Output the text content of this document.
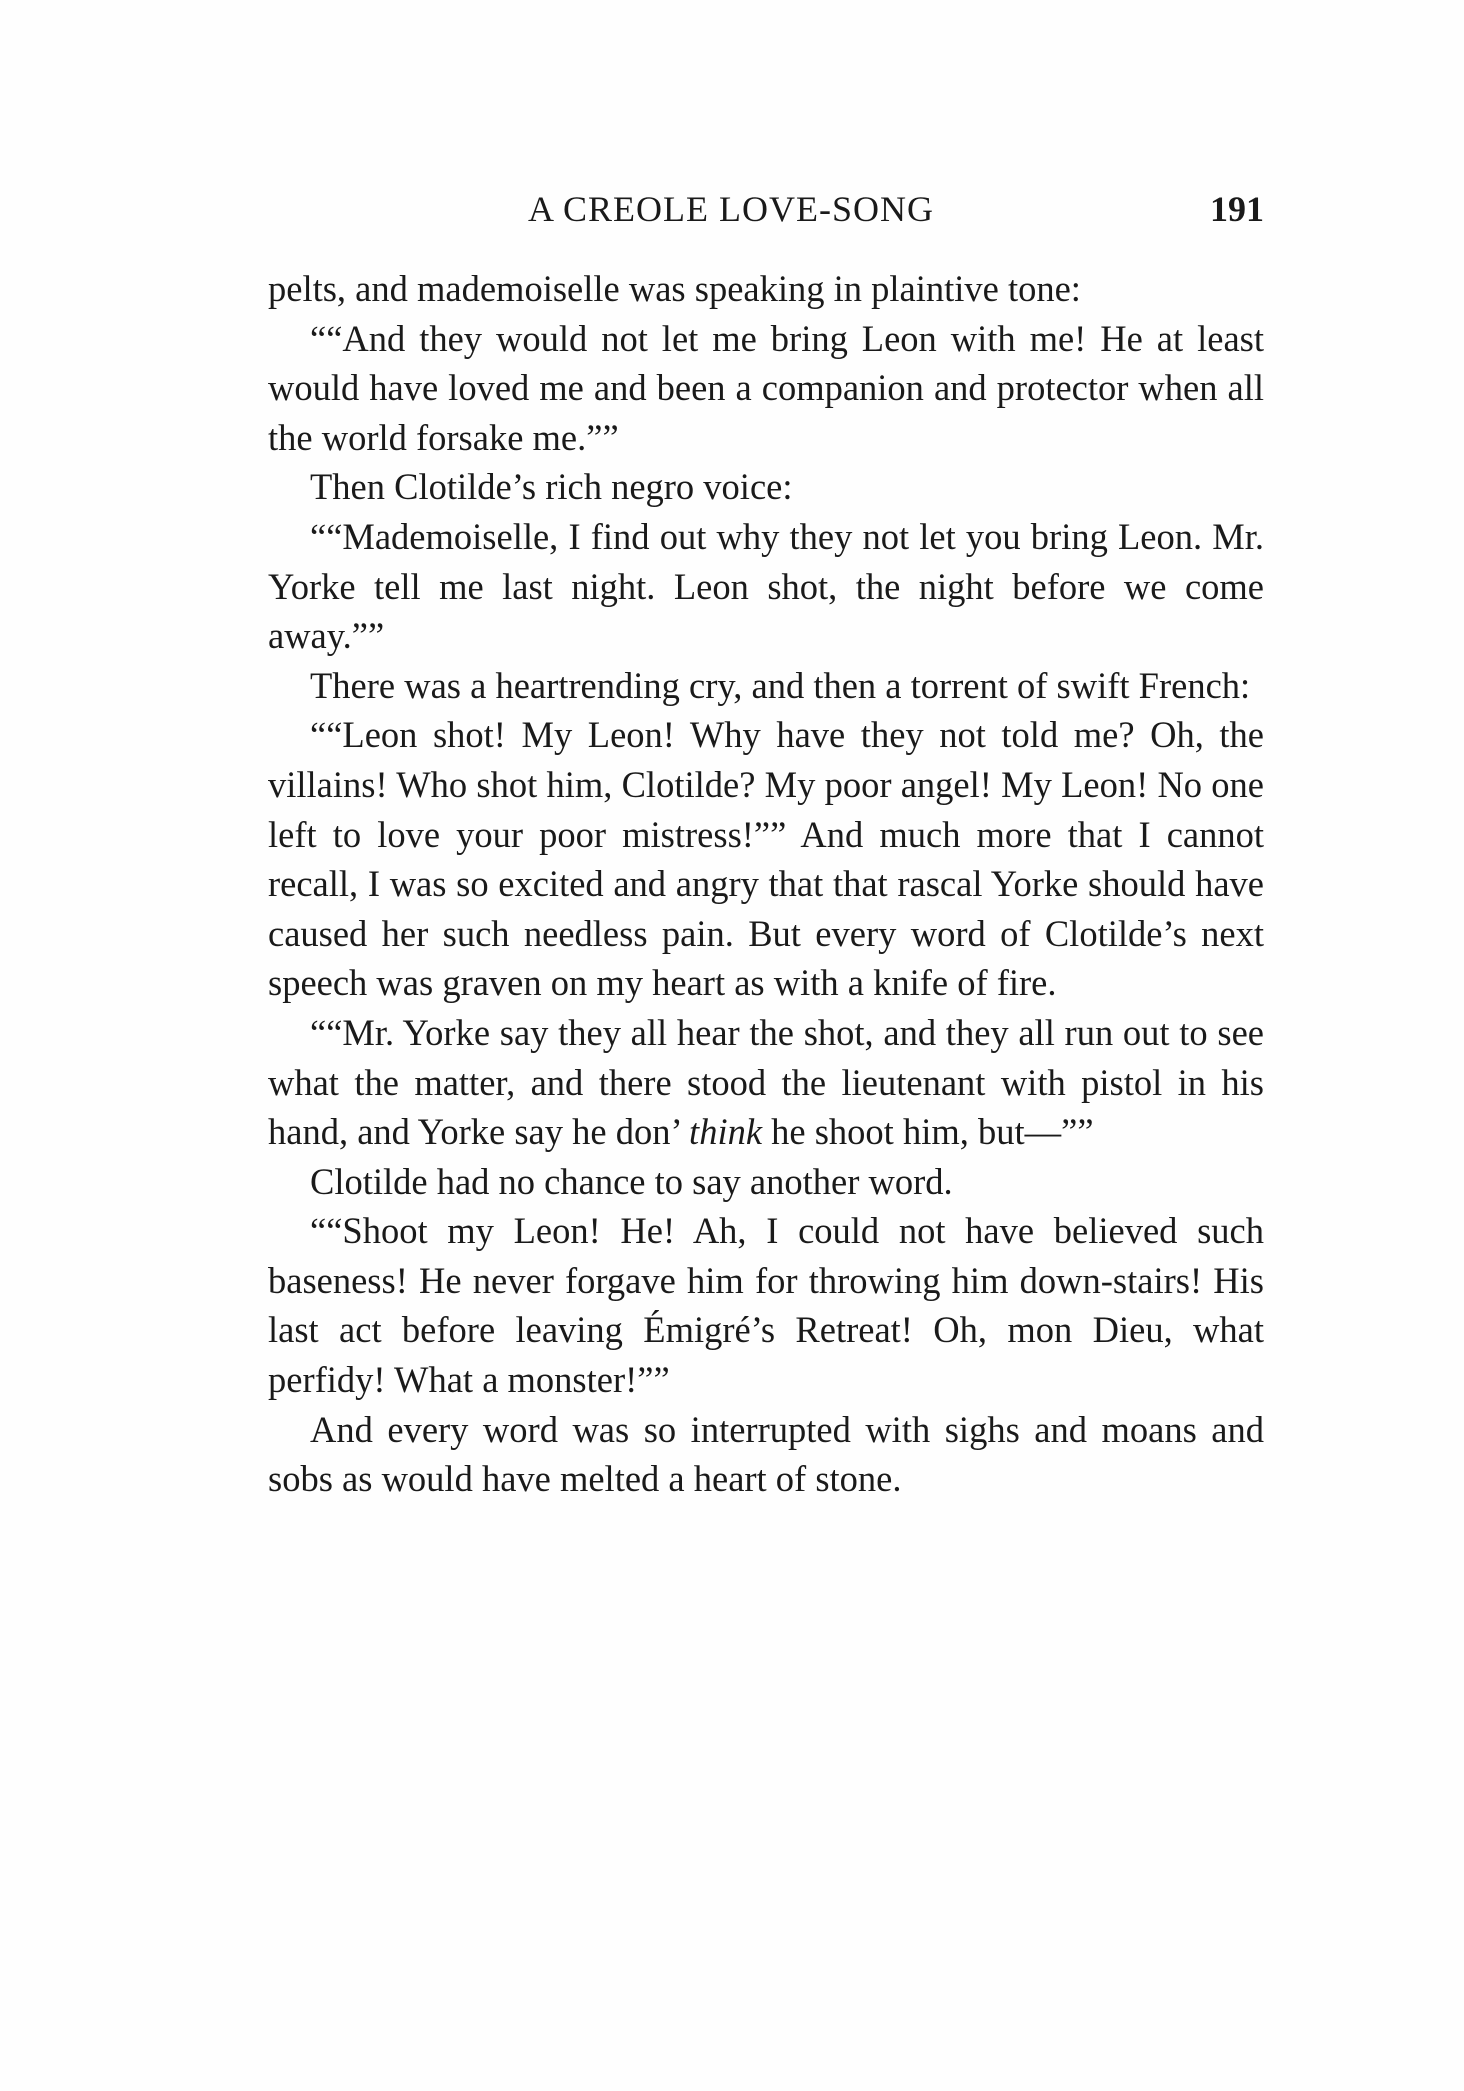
A CREOLE LOVE-SONG	191

pelts, and mademoiselle was speaking in plaintive tone:

““And they would not let me bring Leon with me! He at least would have loved me and been a companion and protector when all the world forsake me.””

Then Clotilde’s rich negro voice:

““Mademoiselle, I find out why they not let you bring Leon. Mr. Yorke tell me last night. Leon shot, the night before we come away.””

There was a heartrending cry, and then a torrent of swift French:

““Leon shot! My Leon! Why have they not told me? Oh, the villains! Who shot him, Clotilde? My poor angel! My Leon! No one left to love your poor mistress!”” And much more that I cannot recall, I was so excited and angry that that rascal Yorke should have caused her such needless pain. But every word of Clotilde’s next speech was graven on my heart as with a knife of fire.

““Mr. Yorke say they all hear the shot, and they all run out to see what the matter, and there stood the lieutenant with pistol in his hand, and Yorke say he don’ think he shoot him, but—””

Clotilde had no chance to say another word.

““Shoot my Leon! He! Ah, I could not have believed such baseness! He never forgave him for throwing him down-stairs! His last act before leaving Émigré’s Retreat! Oh, mon Dieu, what perfidy! What a monster!””

And every word was so interrupted with sighs and moans and sobs as would have melted a heart of stone.
